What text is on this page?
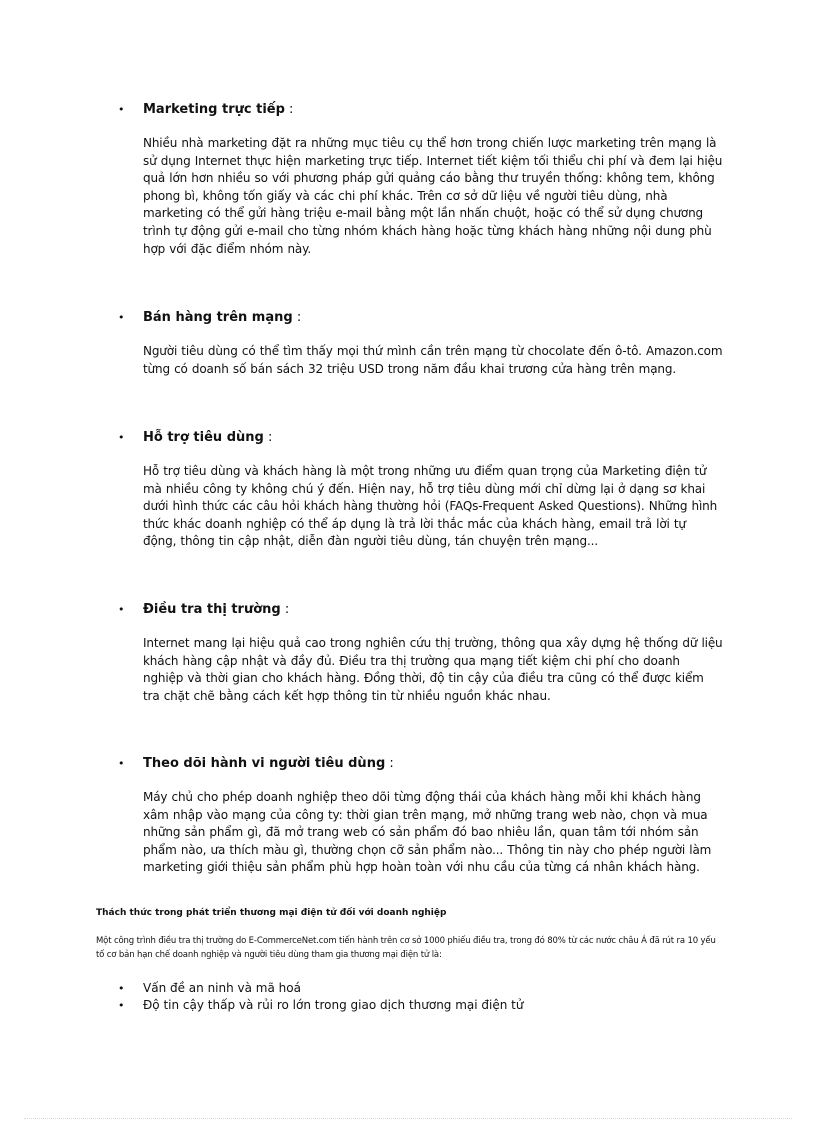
• Marketing trực tiếp :
Nhiều nhà marketing đặt ra những mục tiêu cụ thể hơn trong chiến lược marketing trên mạng là sử dụng Internet thực hiện marketing trực tiếp. Internet tiết kiệm tối thiểu chi phí và đem lại hiệu quả lớn hơn nhiều so với phương pháp gửi quảng cáo bằng thư truyền thống: không tem, không phong bì, không tốn giấy và các chi phí khác. Trên cơ sở dữ liệu về người tiêu dùng, nhà marketing có thể gửi hàng triệu e-mail bằng một lần nhấn chuột, hoặc có thể sử dụng chương trình tự động gửi e-mail cho từng nhóm khách hàng hoặc từng khách hàng những nội dung phù hợp với đặc điểm nhóm này.
• Bán hàng trên mạng :
Người tiêu dùng có thể tìm thấy mọi thứ mình cần trên mạng từ chocolate đến ô-tô. Amazon.com từng có doanh số bán sách 32 triệu USD trong năm đầu khai trương cửa hàng trên mạng.
• Hỗ trợ tiêu dùng :
Hỗ trợ tiêu dùng và khách hàng là một trong những ưu điểm quan trọng của Marketing điện tử mà nhiều công ty không chú ý đến. Hiện nay, hỗ trợ tiêu dùng mới chỉ dừng lại ở dạng sơ khai dưới hình thức các câu hỏi khách hàng thường hỏi (FAQs-Frequent Asked Questions). Những hình thức khác doanh nghiệp có thể áp dụng là trả lời thắc mắc của khách hàng, email trả lời tự động, thông tin cập nhật, diễn đàn người tiêu dùng, tán chuyện trên mạng...
• Điều tra thị trường :
Internet mang lại hiệu quả cao trong nghiên cứu thị trường, thông qua xây dựng hệ thống dữ liệu khách hàng cập nhật và đầy đủ. Điều tra thị trường qua mạng tiết kiệm chi phí cho doanh nghiệp và thời gian cho khách hàng. Đồng thời, độ tin cậy của điều tra cũng có thể được kiểm tra chặt chẽ bằng cách kết hợp thông tin từ nhiều nguồn khác nhau.
• Theo dõi hành vi người tiêu dùng :
Máy chủ cho phép doanh nghiệp theo dõi từng động thái của khách hàng mỗi khi khách hàng xâm nhập vào mạng của công ty: thời gian trên mạng, mở những trang web nào, chọn và mua những sản phẩm gì, đã mở trang web có sản phẩm đó bao nhiêu lần, quan tâm tới nhóm sản phẩm nào, ưa thích màu gì, thường chọn cỡ sản phẩm nào... Thông tin này cho phép người làm marketing giới thiệu sản phẩm phù hợp hoàn toàn với nhu cầu của từng cá nhân khách hàng.
Thách thức trong phát triển thương mại điện tử đối với doanh nghiệp
Một công trình điều tra thị trường do E-CommerceNet.com tiến hành trên cơ sở 1000 phiếu điều tra, trong đó 80% từ các nước châu Á đã rút ra 10 yếu tố cơ bản hạn chế doanh nghiệp và người tiêu dùng tham gia thương mại điện tử là:
• Vấn đề an ninh và mã hoá
• Độ tin cậy thấp và rủi ro lớn trong giao dịch thương mại điện tử
